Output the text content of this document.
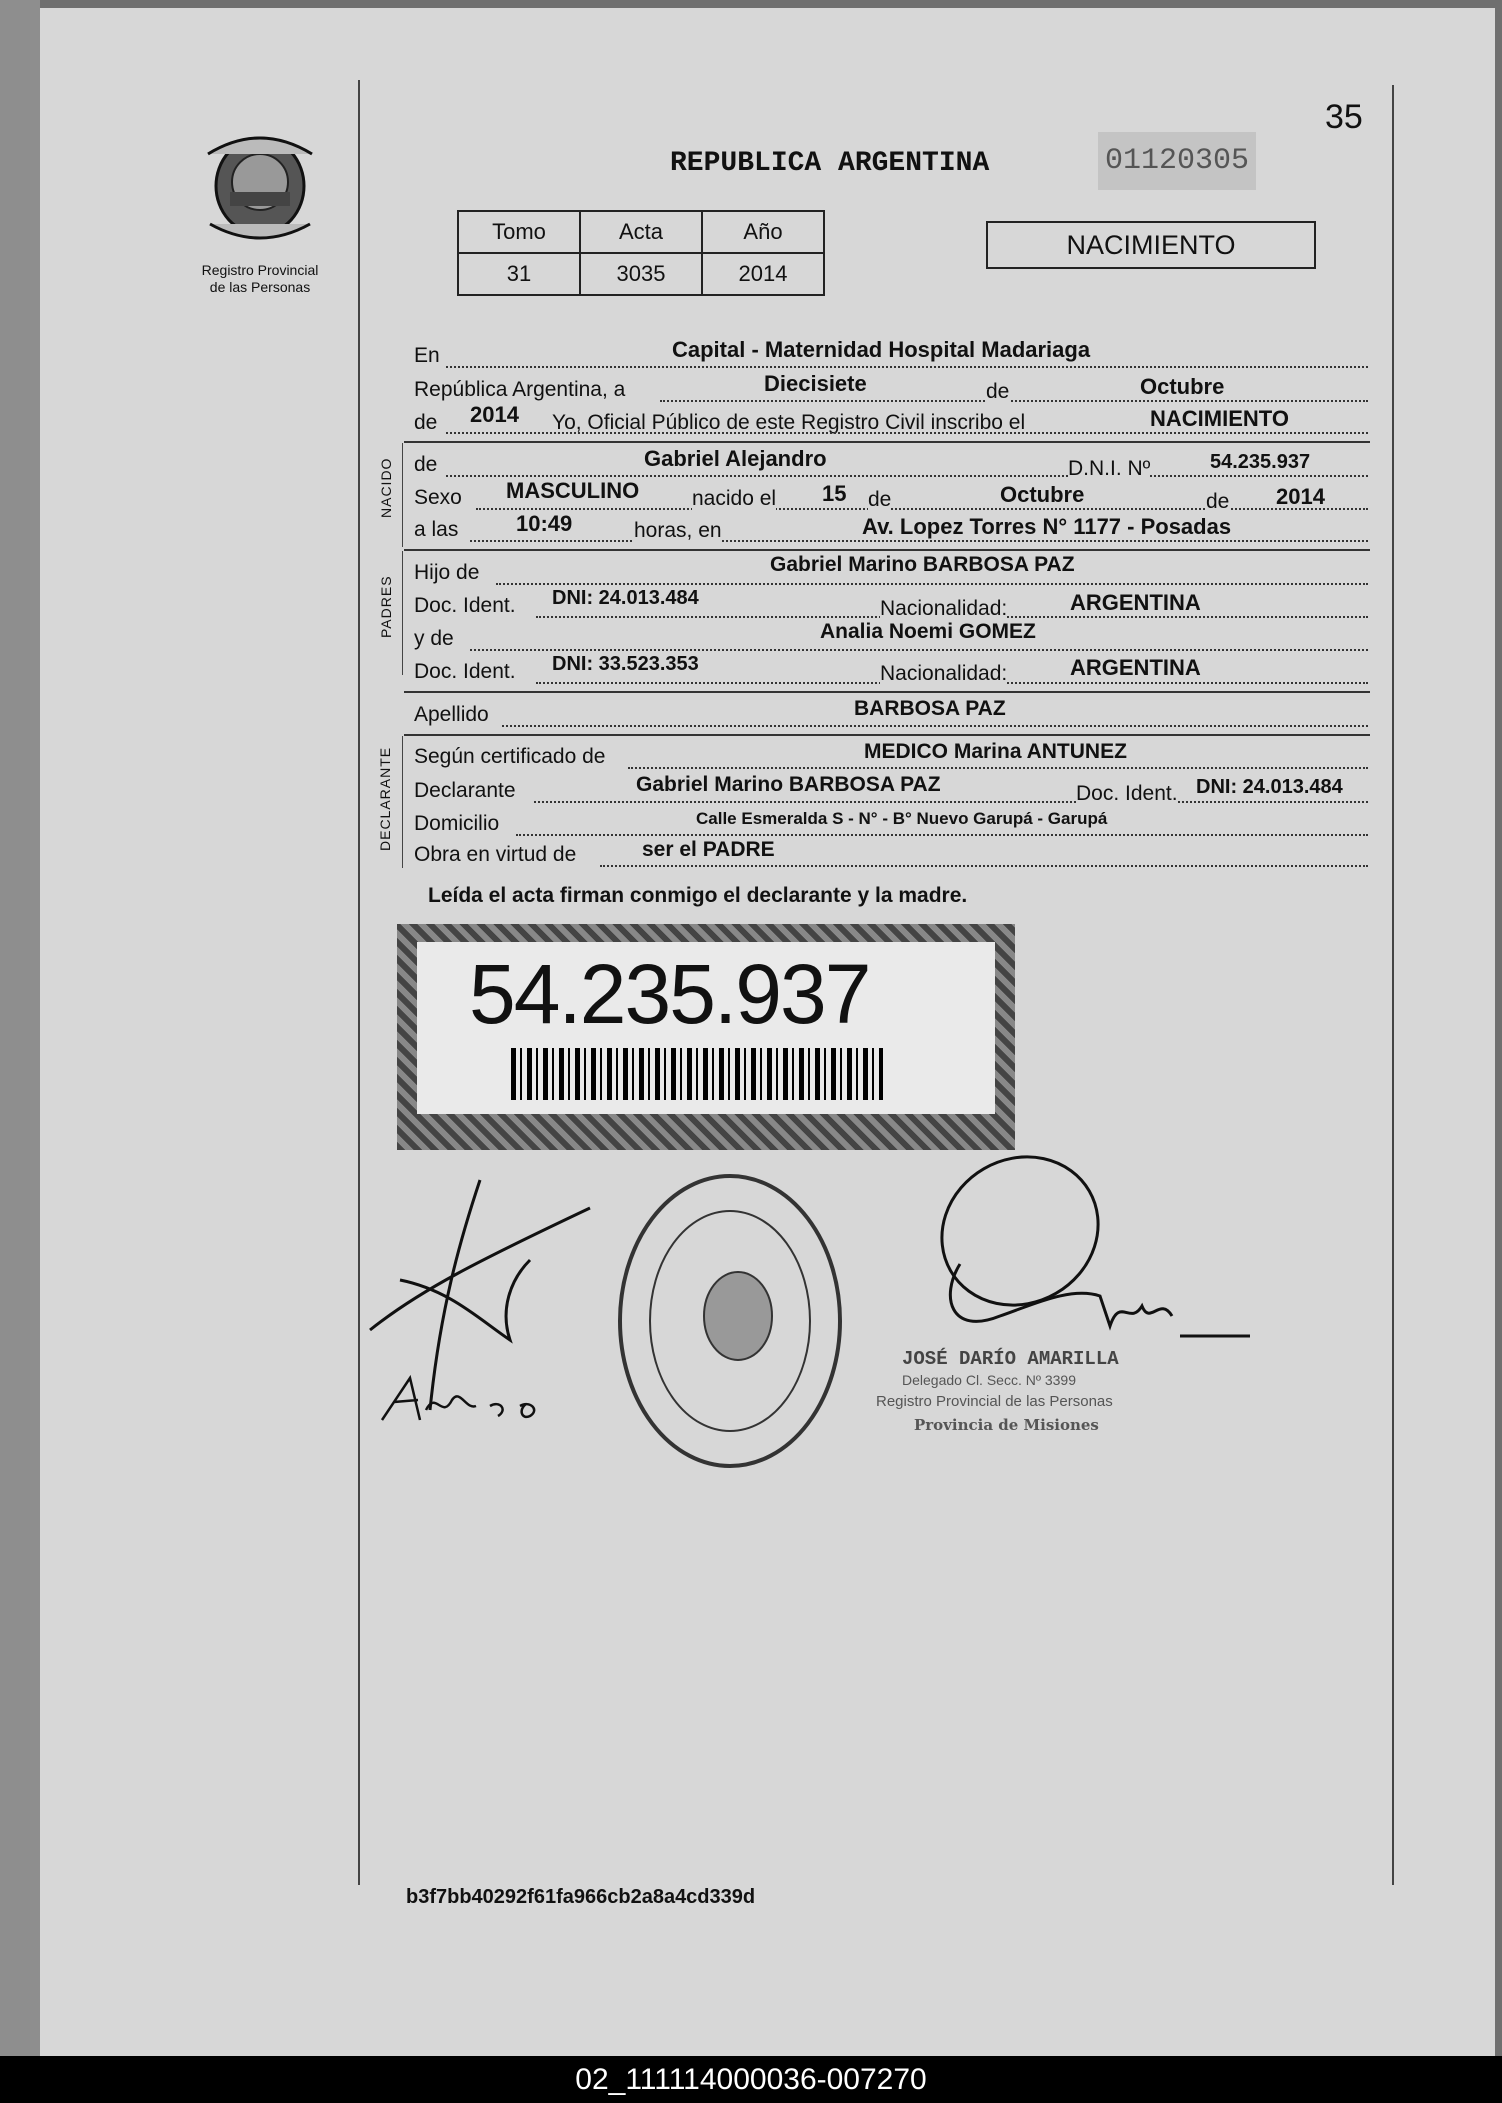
Registro Provincial
de las Personas
35
REPUBLICA ARGENTINA	01120305
Tomo	Acta	Año
31	3035	2014
NACIMIENTO
En	Capital - Maternidad Hospital Madariaga
República Argentina, a	Diecisiete	de	Octubre
de 2014 Yo, Oficial Público de este Registro Civil inscribo el	NACIMIENTO
NACIDO de	Gabriel Alejandro	D.N.I. Nº	54.235.937
Sexo MASCULINO	nacido el 15 de	Octubre	de 2014
a las	10:49	horas, en	Av. Lopez Torres N° 1177 - Posadas
PADRES
Hijo de	Gabriel Marino BARBOSA PAZ
Doc. Ident. DNI: 24.013.484	Nacionalidad:	ARGENTINA
y de	Analia Noemi GOMEZ
Doc. Ident. DNI: 33.523.353	Nacionalidad:	ARGENTINA
Apellido	BARBOSA PAZ
DECLARANTE Según certificado de	MEDICO Marina ANTUNEZ
Declarante	Gabriel Marino BARBOSA PAZ	Doc. Ident. DNI: 24.013.484
Domicilio	Calle Esmeralda S - N° - B° Nuevo Garupá - Garupá
Obra en virtud de	ser el PADRE
Leída el acta firman conmigo el declarante y la madre.
54.235.937
JOSÉ DARÍO AMARILLA
Delegado Cl. Secc. Nº 3399
Registro Provincial de las Personas
Provincia de Misiones
b3f7bb40292f61fa966cb2a8a4cd339d
02_111114000036-007270
